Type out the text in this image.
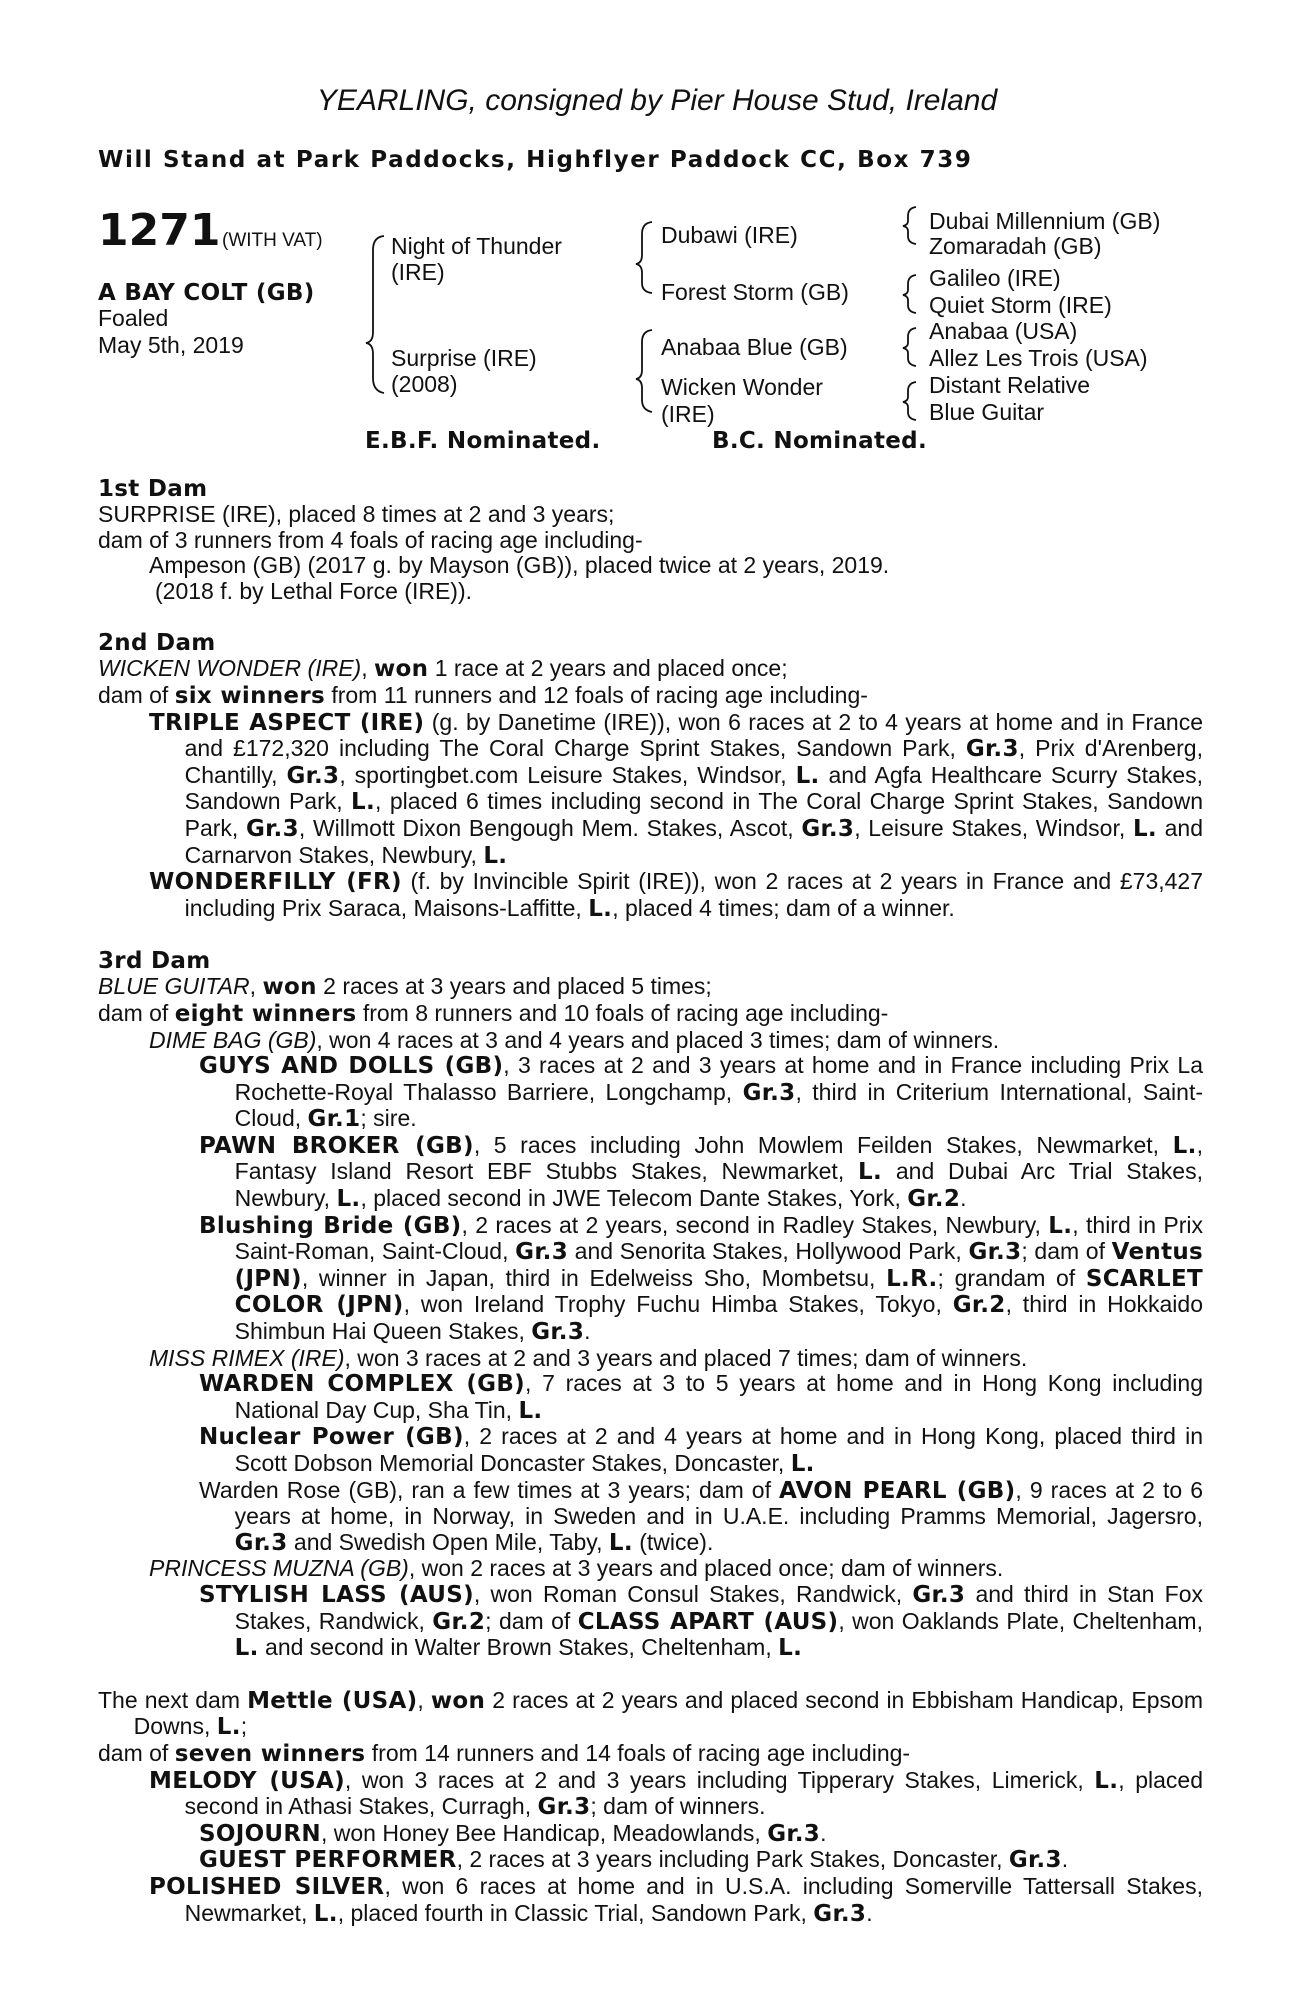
YEARLING, consigned by Pier House Stud, Ireland
Will Stand at Park Paddocks, Highflyer Paddock CC, Box 739
1271 (WITH VAT)
A BAY COLT (GB)
Foaled
May 5th, 2019
Night of Thunder
(IRE)
Surprise (IRE)
(2008)
Dubawi (IRE)
Forest Storm (GB)
Anabaa Blue (GB)
Wicken Wonder
(IRE)
Dubai Millennium (GB)
Zomaradah (GB)
Galileo (IRE)
Quiet Storm (IRE)
Anabaa (USA)
Allez Les Trois (USA)
Distant Relative
Blue Guitar
E.B.F. Nominated.	B.C. Nominated.

1st Dam

SURPRISE (IRE), placed 8 times at 2 and 3 years;

dam of 3 runners from 4 foals of racing age including-

Ampeson (GB) (2017 g. by Mayson (GB)), placed twice at 2 years, 2019.

(2018 f. by Lethal Force (IRE)).

2nd Dam

WICKEN WONDER (IRE), won 1 race at 2 years and placed once;

dam of six winners from 11 runners and 12 foals of racing age including-

TRIPLE ASPECT (IRE) (g. by Danetime (IRE)), won 6 races at 2 to 4 years at home and in France and £172,320 including The Coral Charge Sprint Stakes, Sandown Park, Gr.3, Prix d'Arenberg, Chantilly, Gr.3, sportingbet.com Leisure Stakes, Windsor, L. and Agfa Healthcare Scurry Stakes, Sandown Park, L., placed 6 times including second in The Coral Charge Sprint Stakes, Sandown Park, Gr.3, Willmott Dixon Bengough Mem. Stakes, Ascot, Gr.3, Leisure Stakes, Windsor, L. and Carnarvon Stakes, Newbury, L.

WONDERFILLY (FR) (f. by Invincible Spirit (IRE)), won 2 races at 2 years in France and £73,427 including Prix Saraca, Maisons-Laffitte, L., placed 4 times; dam of a winner.

3rd Dam

BLUE GUITAR, won 2 races at 3 years and placed 5 times;

dam of eight winners from 8 runners and 10 foals of racing age including-

DIME BAG (GB), won 4 races at 3 and 4 years and placed 3 times; dam of winners.

GUYS AND DOLLS (GB), 3 races at 2 and 3 years at home and in France including Prix La Rochette-Royal Thalasso Barriere, Longchamp, Gr.3, third in Criterium International, Saint-Cloud, Gr.1; sire.

PAWN BROKER (GB), 5 races including John Mowlem Feilden Stakes, Newmarket, L., Fantasy Island Resort EBF Stubbs Stakes, Newmarket, L. and Dubai Arc Trial Stakes, Newbury, L., placed second in JWE Telecom Dante Stakes, York, Gr.2.

Blushing Bride (GB), 2 races at 2 years, second in Radley Stakes, Newbury, L., third in Prix Saint-Roman, Saint-Cloud, Gr.3 and Senorita Stakes, Hollywood Park, Gr.3; dam of Ventus (JPN), winner in Japan, third in Edelweiss Sho, Mombetsu, L.R.; grandam of SCARLET COLOR (JPN), won Ireland Trophy Fuchu Himba Stakes, Tokyo, Gr.2, third in Hokkaido Shimbun Hai Queen Stakes, Gr.3.

MISS RIMEX (IRE), won 3 races at 2 and 3 years and placed 7 times; dam of winners.

WARDEN COMPLEX (GB), 7 races at 3 to 5 years at home and in Hong Kong including National Day Cup, Sha Tin, L.

Nuclear Power (GB), 2 races at 2 and 4 years at home and in Hong Kong, placed third in Scott Dobson Memorial Doncaster Stakes, Doncaster, L.

Warden Rose (GB), ran a few times at 3 years; dam of AVON PEARL (GB), 9 races at 2 to 6 years at home, in Norway, in Sweden and in U.A.E. including Pramms Memorial, Jagersro, Gr.3 and Swedish Open Mile, Taby, L. (twice).

PRINCESS MUZNA (GB), won 2 races at 3 years and placed once; dam of winners.

STYLISH LASS (AUS), won Roman Consul Stakes, Randwick, Gr.3 and third in Stan Fox Stakes, Randwick, Gr.2; dam of CLASS APART (AUS), won Oaklands Plate, Cheltenham, L. and second in Walter Brown Stakes, Cheltenham, L.

The next dam Mettle (USA), won 2 races at 2 years and placed second in Ebbisham Handicap, Epsom Downs, L.;

dam of seven winners from 14 runners and 14 foals of racing age including-

MELODY (USA), won 3 races at 2 and 3 years including Tipperary Stakes, Limerick, L., placed second in Athasi Stakes, Curragh, Gr.3; dam of winners.

SOJOURN, won Honey Bee Handicap, Meadowlands, Gr.3.

GUEST PERFORMER, 2 races at 3 years including Park Stakes, Doncaster, Gr.3.

POLISHED SILVER, won 6 races at home and in U.S.A. including Somerville Tattersall Stakes, Newmarket, L., placed fourth in Classic Trial, Sandown Park, Gr.3.
